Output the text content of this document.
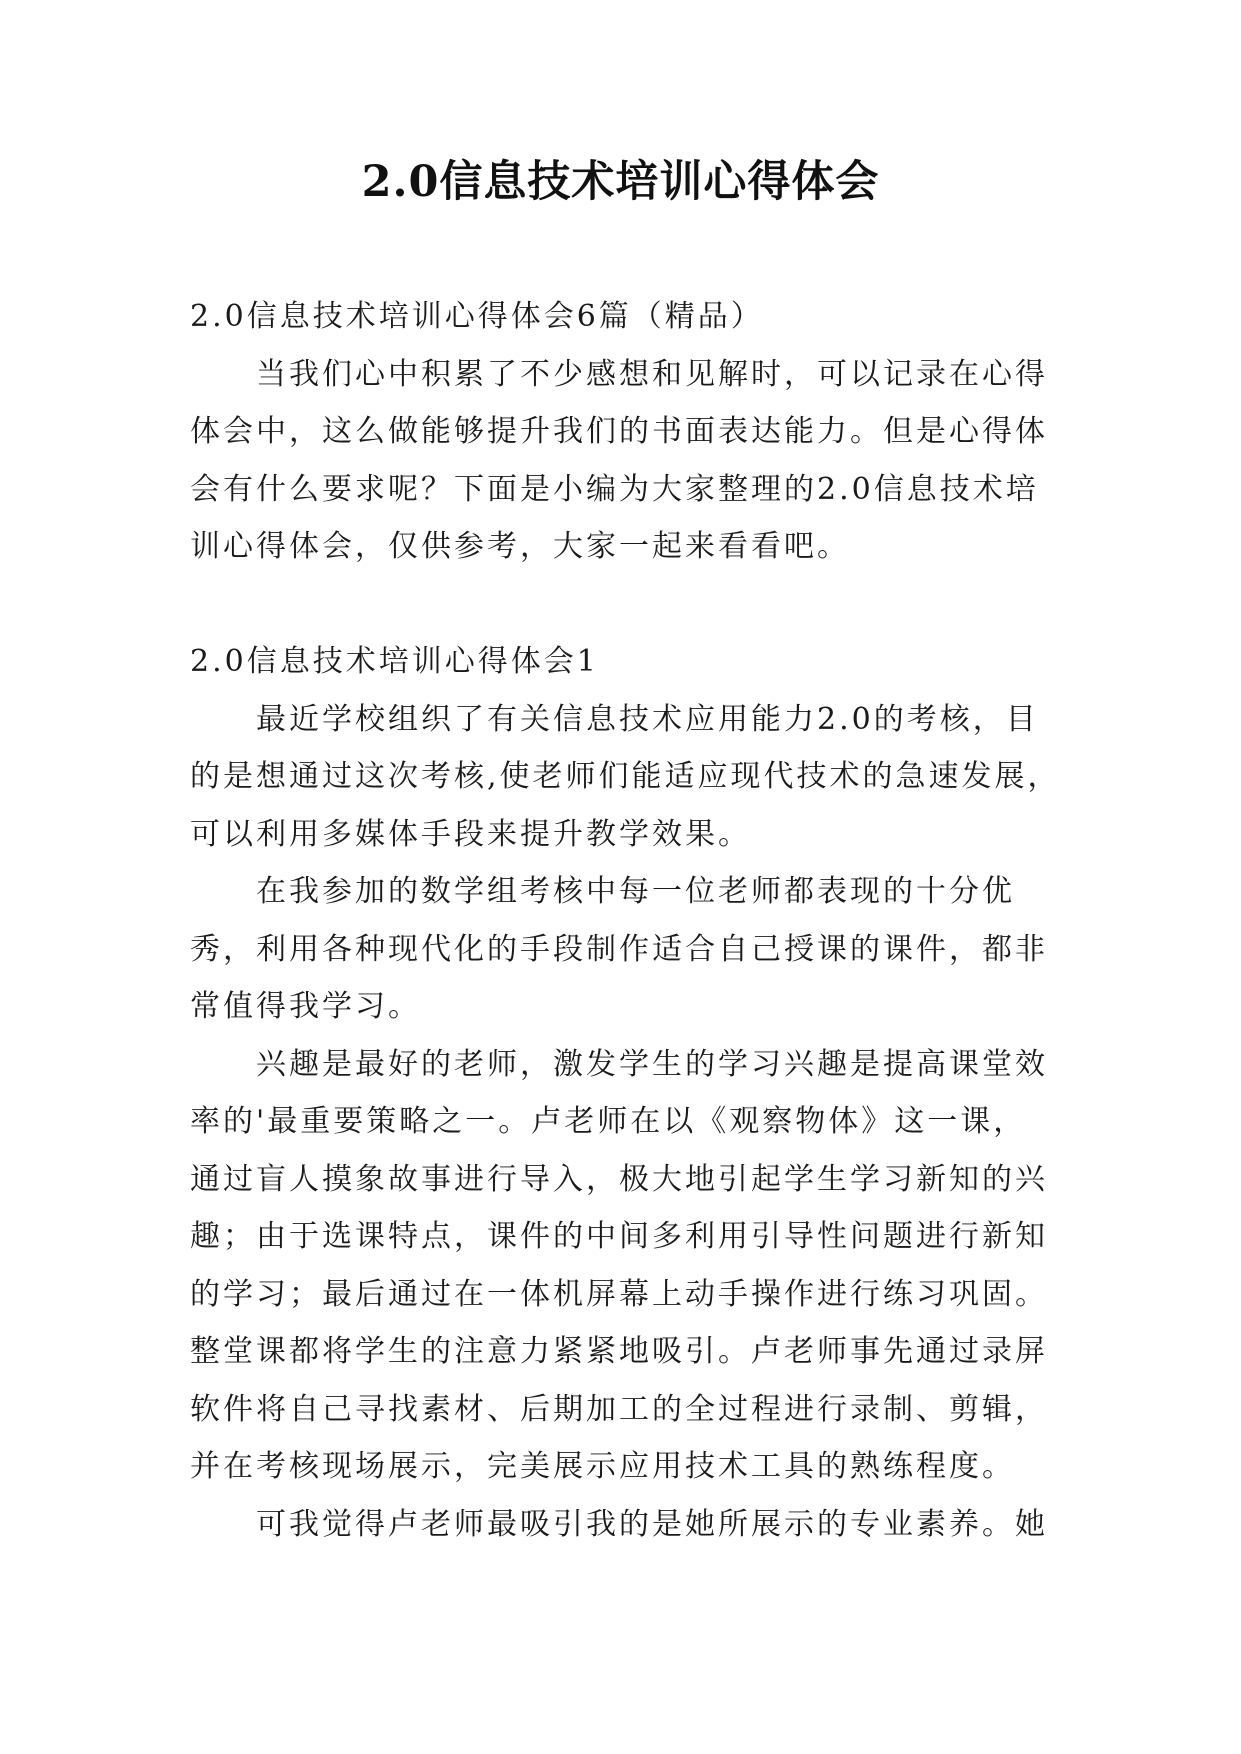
2.0信息技术培训心得体会
2.0信息技术培训心得体会6篇（精品）
当我们心中积累了不少感想和见解时，可以记录在心得
体会中，这么做能够提升我们的书面表达能力。但是心得体
会有什么要求呢？下面是小编为大家整理的2.0信息技术培
训心得体会，仅供参考，大家一起来看看吧。
2.0信息技术培训心得体会1
最近学校组织了有关信息技术应用能力2.0的考核，目
的是想通过这次考核,使老师们能适应现代技术的急速发展，
可以利用多媒体手段来提升教学效果。
在我参加的数学组考核中每一位老师都表现的十分优
秀，利用各种现代化的手段制作适合自己授课的课件，都非
常值得我学习。
兴趣是最好的老师，激发学生的学习兴趣是提高课堂效
率的'最重要策略之一。卢老师在以《观察物体》这一课，
通过盲人摸象故事进行导入，极大地引起学生学习新知的兴
趣；由于选课特点，课件的中间多利用引导性问题进行新知
的学习；最后通过在一体机屏幕上动手操作进行练习巩固。
整堂课都将学生的注意力紧紧地吸引。卢老师事先通过录屏
软件将自己寻找素材、后期加工的全过程进行录制、剪辑，
并在考核现场展示，完美展示应用技术工具的熟练程度。
可我觉得卢老师最吸引我的是她所展示的专业素养。她
